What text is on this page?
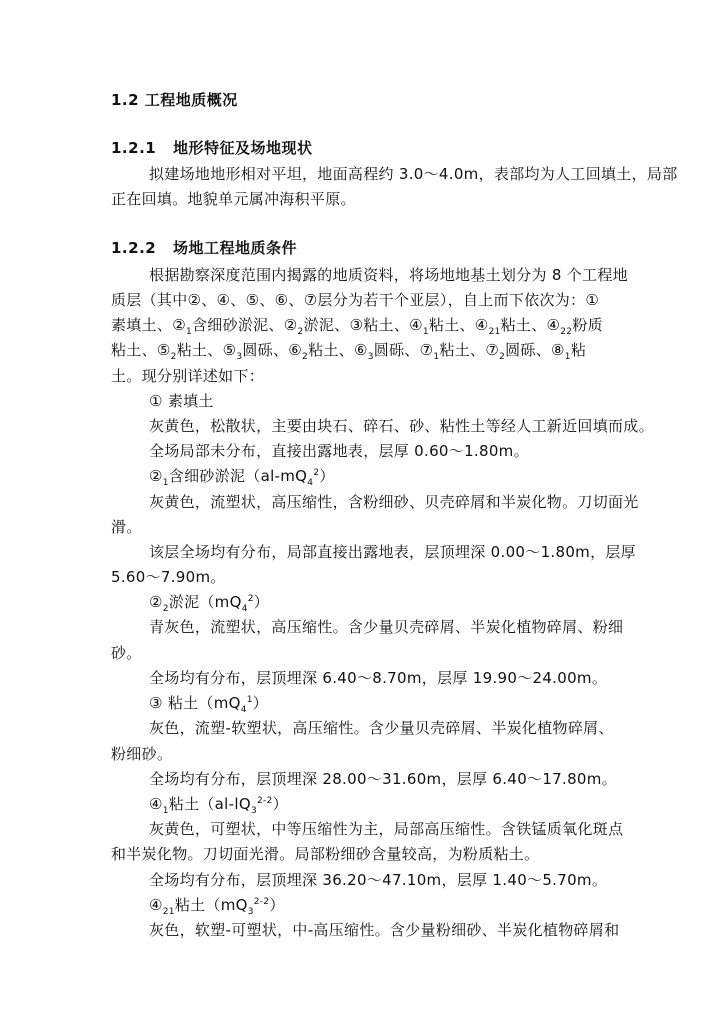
1.2 工程地质概况
1.2.1 地形特征及场地现状
拟建场地地形相对平坦，地面高程约 3.0～4.0m，表部均为人工回填土，局部
正在回填。地貌单元属冲海积平原。
1.2.2 场地工程地质条件
根据勘察深度范围内揭露的地质资料，将场地地基土划分为 8 个工程地
质层（其中②、④、⑤、⑥、⑦层分为若干个亚层），自上而下依次为：①
素填土、$②_1$含细砂淤泥、$②_2$淤泥、③粘土、$④_1$粘土、$④_{21}$粘土、$④_{22}$粉质
粘土、$⑤_2$粘土、$⑤_3$圆砾、$⑥_2$粘土、$⑥_3$圆砾、$⑦_1$粘土、$⑦_2$圆砾、$⑧_1$粘
土。现分别详述如下：
① 素填土
灰黄色，松散状，主要由块石、碎石、砂、粘性土等经人工新近回填而成。
全场局部未分布，直接出露地表，层厚 0.60～1.80m。
$②_1$含细砂淤泥$(al-mQ_4^2)$
灰黄色，流塑状，高压缩性，含粉细砂、贝壳碎屑和半炭化物。刀切面光
滑。
该层全场均有分布，局部直接出露地表，层顶埋深 0.00～1.80m，层厚
5.60～7.90m。
$②_2$淤泥$(mQ_4^2)$
青灰色，流塑状，高压缩性。含少量贝壳碎屑、半炭化植物碎屑、粉细
砂。
全场均有分布，层顶埋深 6.40～8.70m，层厚 19.90～24.00m。
③ 粘土$(mQ_4^1)$
灰色，流塑-软塑状，高压缩性。含少量贝壳碎屑、半炭化植物碎屑、
粉细砂。
全场均有分布，层顶埋深 28.00～31.60m，层厚 6.40～17.80m。
$④_1$粘土$(al-lQ_3^{2-2})$
灰黄色，可塑状，中等压缩性为主，局部高压缩性。含铁锰质氧化斑点
和半炭化物。刀切面光滑。局部粉细砂含量较高，为粉质粘土。
全场均有分布，层顶埋深 36.20～47.10m，层厚 1.40～5.70m。
$④_{21}$粘土$(mQ_3^{2-2})$
灰色，软塑-可塑状，中-高压缩性。含少量粉细砂、半炭化植物碎屑和
